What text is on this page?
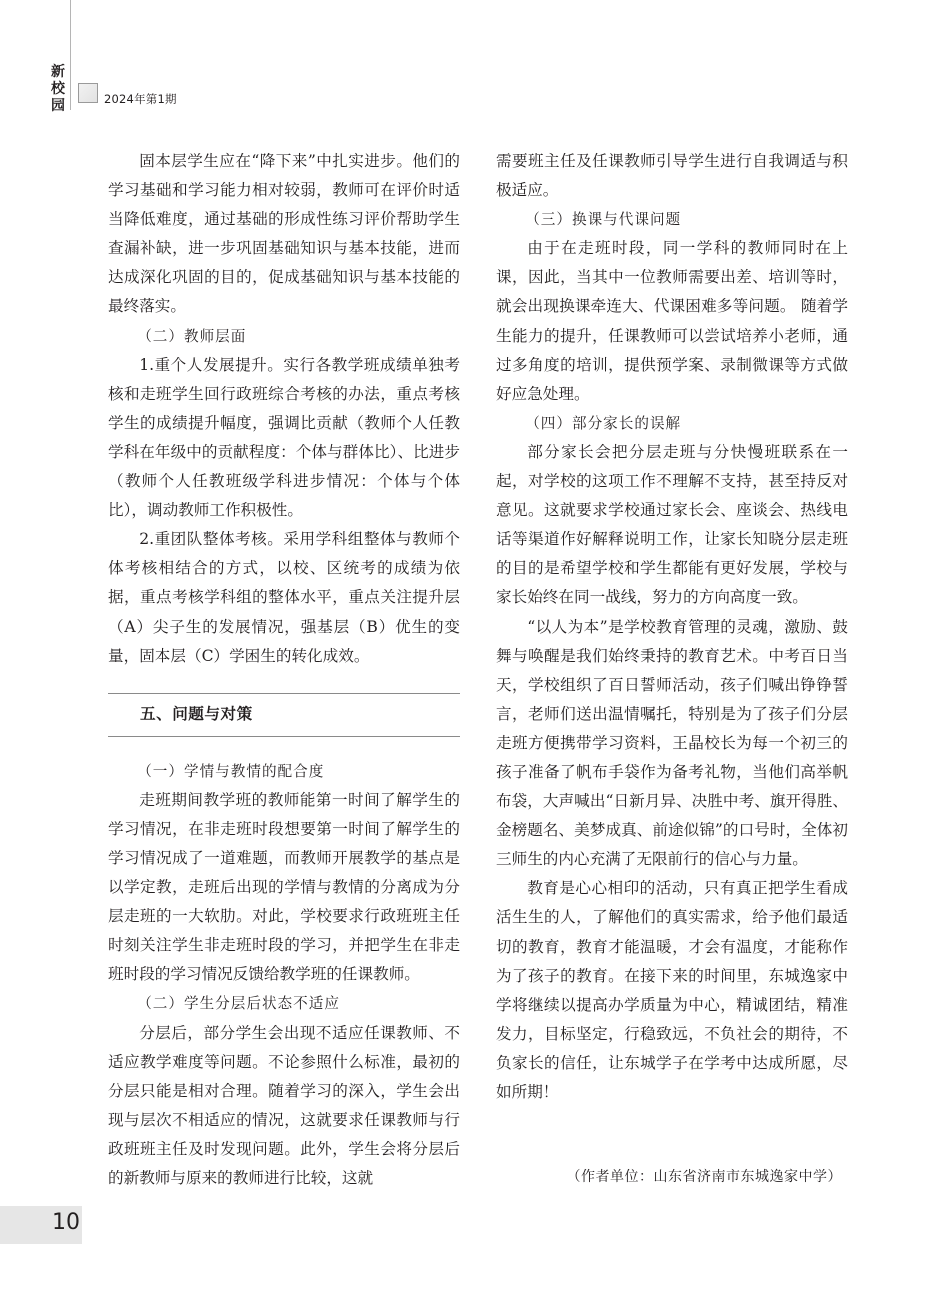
新
校
园	2024年第1期

固本层学生应在“降下来”中扎实进步。他们的学习基础和学习能力相对较弱，教师可在评价时适当降低难度，通过基础的形成性练习评价帮助学生查漏补缺，进一步巩固基础知识与基本技能，进而达成深化巩固的目的，促成基础知识与基本技能的最终落实。

（二）教师层面

1.重个人发展提升。实行各教学班成绩单独考核和走班学生回行政班综合考核的办法，重点考核学生的成绩提升幅度，强调比贡献（教师个人任教学科在年级中的贡献程度：个体与群体比）、比进步（教师个人任教班级学科进步情况：个体与个体比），调动教师工作积极性。

2.重团队整体考核。采用学科组整体与教师个体考核相结合的方式，以校、区统考的成绩为依据，重点考核学科组的整体水平，重点关注提升层（A）尖子生的发展情况，强基层（B）优生的变量，固本层（C）学困生的转化成效。

五、问题与对策

（一）学情与教情的配合度

走班期间教学班的教师能第一时间了解学生的学习情况，在非走班时段想要第一时间了解学生的学习情况成了一道难题，而教师开展教学的基点是以学定教，走班后出现的学情与教情的分离成为分层走班的一大软肋。对此，学校要求行政班班主任时刻关注学生非走班时段的学习，并把学生在非走班时段的学习情况反馈给教学班的任课教师。

（二）学生分层后状态不适应

分层后，部分学生会出现不适应任课教师、不适应教学难度等问题。不论参照什么标准，最初的分层只能是相对合理。随着学习的深入，学生会出现与层次不相适应的情况，这就要求任课教师与行政班班主任及时发现问题。此外，学生会将分层后的新教师与原来的教师进行比较，这就

需要班主任及任课教师引导学生进行自我调适与积极适应。

（三）换课与代课问题

由于在走班时段，同一学科的教师同时在上课，因此，当其中一位教师需要出差、培训等时，就会出现换课牵连大、代课困难多等问题。 随着学生能力的提升，任课教师可以尝试培养小老师，通过多角度的培训，提供预学案、录制微课等方式做好应急处理。

（四）部分家长的误解

部分家长会把分层走班与分快慢班联系在一起，对学校的这项工作不理解不支持，甚至持反对意见。这就要求学校通过家长会、座谈会、热线电话等渠道作好解释说明工作，让家长知晓分层走班的目的是希望学校和学生都能有更好发展，学校与家长始终在同一战线，努力的方向高度一致。

“以人为本”是学校教育管理的灵魂，激励、鼓舞与唤醒是我们始终秉持的教育艺术。中考百日当天，学校组织了百日誓师活动，孩子们喊出铮铮誓言，老师们送出温情嘱托，特别是为了孩子们分层走班方便携带学习资料，王晶校长为每一个初三的孩子准备了帆布手袋作为备考礼物，当他们高举帆布袋，大声喊出“日新月异、决胜中考、旗开得胜、金榜题名、美梦成真、前途似锦”的口号时，全体初三师生的内心充满了无限前行的信心与力量。

教育是心心相印的活动，只有真正把学生看成活生生的人，了解他们的真实需求，给予他们最适切的教育，教育才能温暖，才会有温度，才能称作为了孩子的教育。在接下来的时间里，东城逸家中学将继续以提高办学质量为中心，精诚团结，精准发力，目标坚定，行稳致远，不负社会的期待，不负家长的信任，让东城学子在学考中达成所愿，尽如所期！

（作者单位：山东省济南市东城逸家中学）
10
